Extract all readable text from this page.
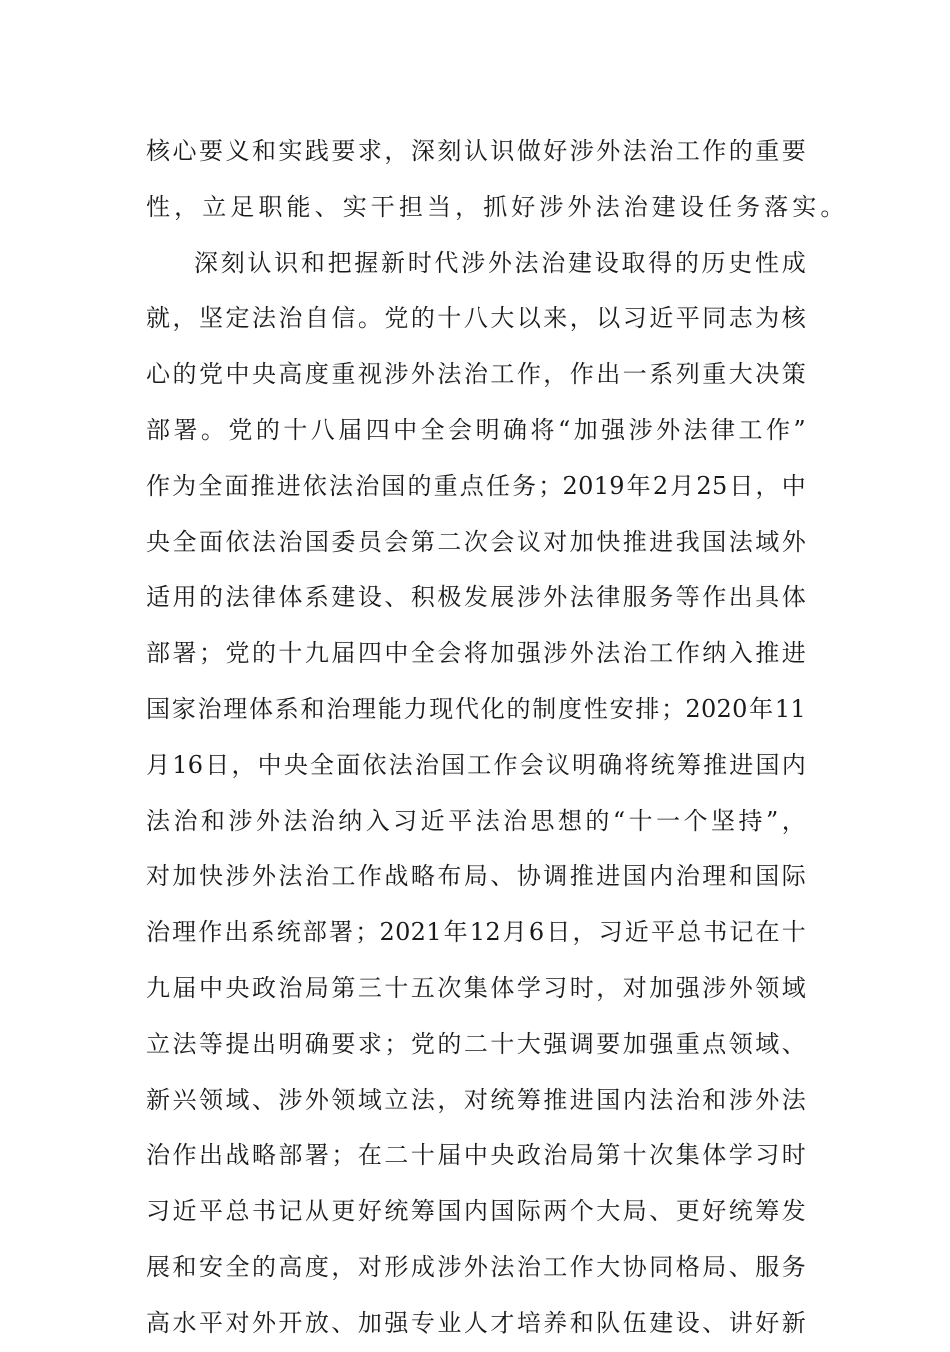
核心要义和实践要求，深刻认识做好涉外法治工作的重要
性，立足职能、实干担当，抓好涉外法治建设任务落实。
深刻认识和把握新时代涉外法治建设取得的历史性成
就，坚定法治自信。党的十八大以来，以习近平同志为核
心的党中央高度重视涉外法治工作，作出一系列重大决策
部署。党的十八届四中全会明确将“加强涉外法律工作”
作为全面推进依法治国的重点任务；2019年2月25日，中
央全面依法治国委员会第二次会议对加快推进我国法域外
适用的法律体系建设、积极发展涉外法律服务等作出具体
部署；党的十九届四中全会将加强涉外法治工作纳入推进
国家治理体系和治理能力现代化的制度性安排；2020年11
月16日，中央全面依法治国工作会议明确将统筹推进国内
法治和涉外法治纳入习近平法治思想的“十一个坚持”，
对加快涉外法治工作战略布局、协调推进国内治理和国际
治理作出系统部署；2021年12月6日，习近平总书记在十
九届中央政治局第三十五次集体学习时，对加强涉外领域
立法等提出明确要求；党的二十大强调要加强重点领域、
新兴领域、涉外领域立法，对统筹推进国内法治和涉外法
治作出战略部署；在二十届中央政治局第十次集体学习时
习近平总书记从更好统筹国内国际两个大局、更好统筹发
展和安全的高度，对形成涉外法治工作大协同格局、服务
高水平对外开放、加强专业人才培养和队伍建设、讲好新
